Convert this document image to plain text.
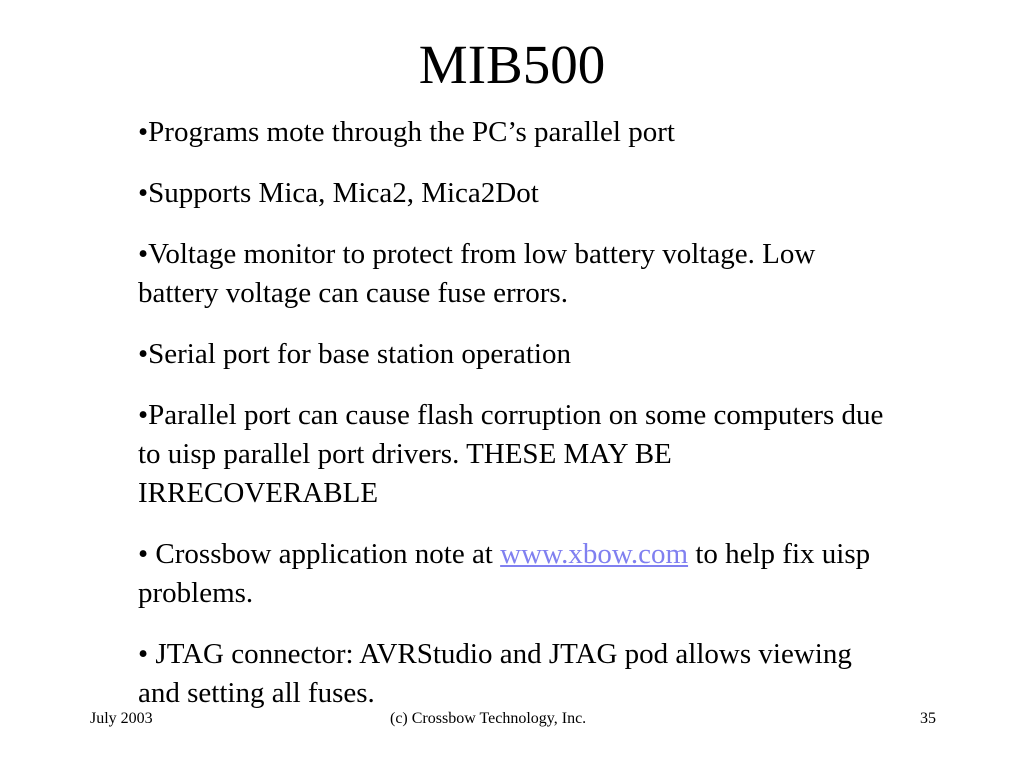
MIB500

•Programs mote through the PC’s parallel port

•Supports Mica, Mica2, Mica2Dot

•Voltage monitor to protect from low battery voltage. Low battery voltage can cause fuse errors.

•Serial port for base station operation

•Parallel port can cause flash corruption on some computers due to uisp parallel port drivers. THESE MAY BE IRRECOVERABLE

• Crossbow application note at www.xbow.com to help fix uisp problems.

• JTAG connector: AVRStudio and JTAG pod allows viewing and setting all fuses.

July 2003	(c) Crossbow Technology, Inc.	35
